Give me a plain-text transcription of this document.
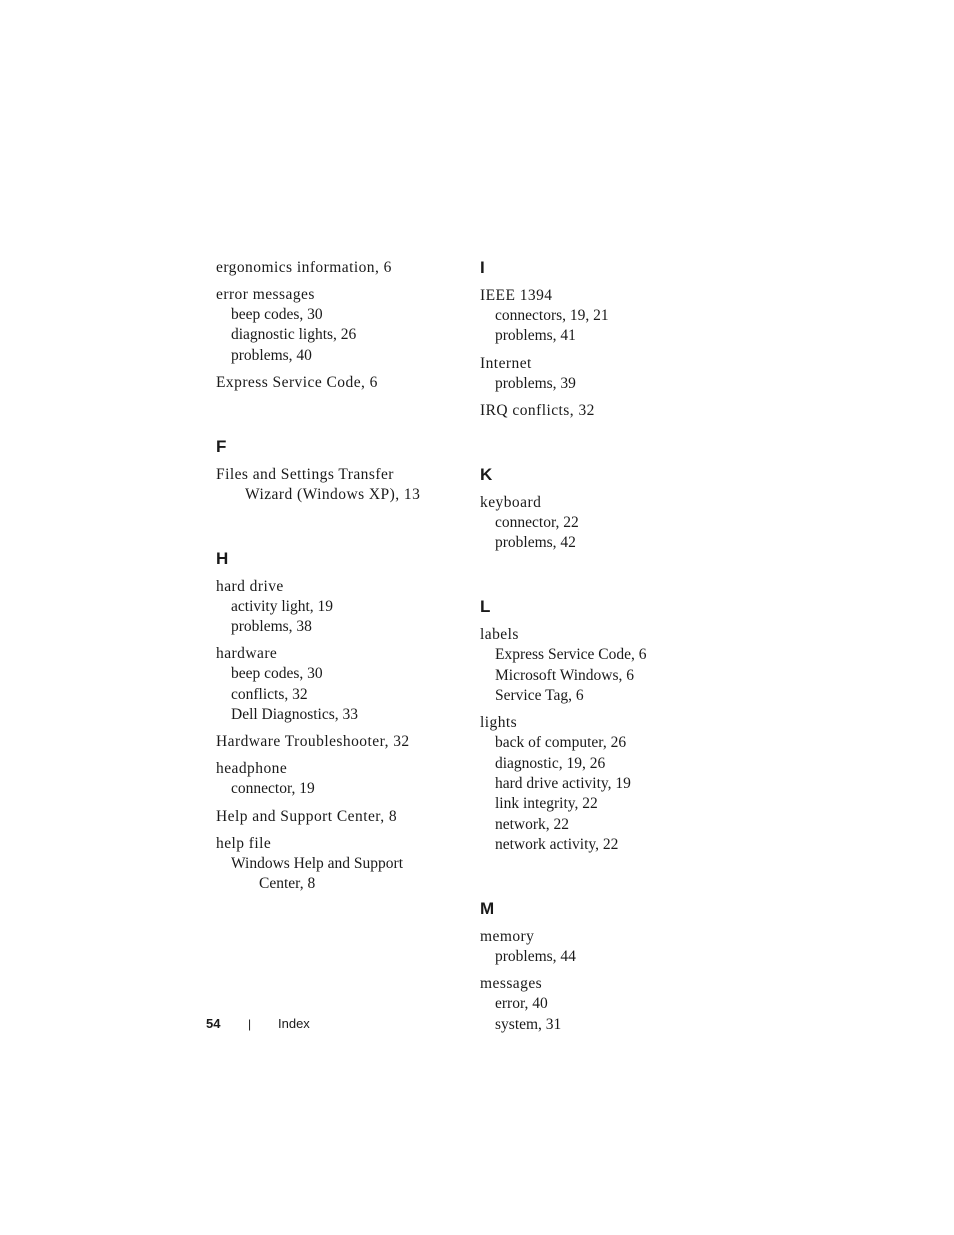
ergonomics information, 6
error messages
beep codes, 30
diagnostic lights, 26
problems, 40
Express Service Code, 6
F
Files and Settings Transfer
Wizard (Windows XP), 13
H
hard drive
activity light, 19
problems, 38
hardware
beep codes, 30
conflicts, 32
Dell Diagnostics, 33
Hardware Troubleshooter, 32
headphone
connector, 19
Help and Support Center, 8
help file
Windows Help and Support
Center, 8
I
IEEE 1394
connectors, 19, 21
problems, 41
Internet
problems, 39
IRQ conflicts, 32
K
keyboard
connector, 22
problems, 42
L
labels
Express Service Code, 6
Microsoft Windows, 6
Service Tag, 6
lights
back of computer, 26
diagnostic, 19, 26
hard drive activity, 19
link integrity, 22
network, 22
network activity, 22
M
memory
problems, 44
messages
error, 40
system, 31
54 | Index
